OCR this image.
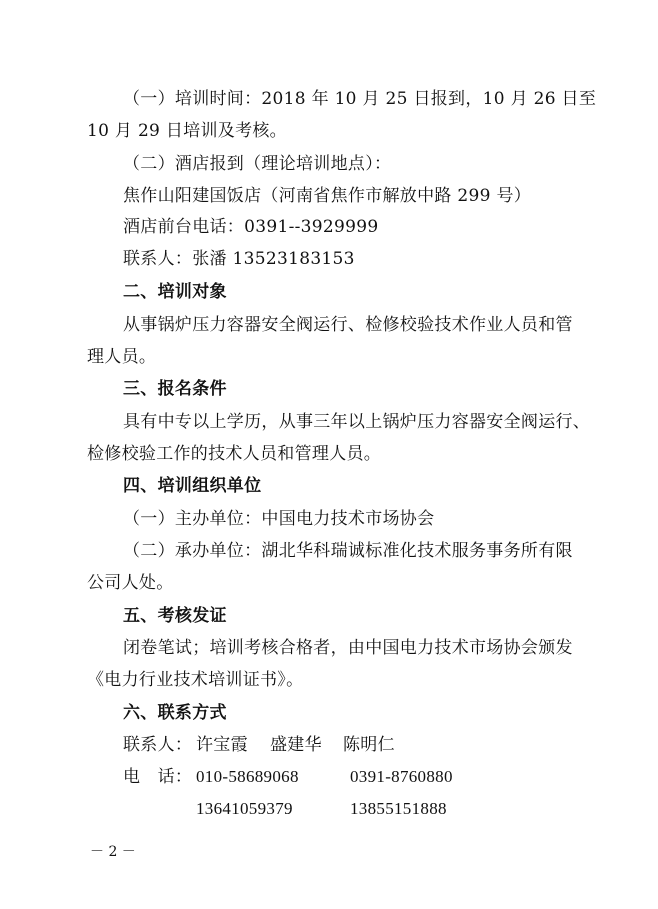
（一）培训时间：2018 年 10 月 25 日报到，10 月 26 日至
10 月 29 日培训及考核。
（二）酒店报到（理论培训地点）：
焦作山阳建国饭店（河南省焦作市解放中路 299 号）
酒店前台电话：0391--3929999
联系人：张潘 13523183153
二、培训对象
从事锅炉压力容器安全阀运行、检修校验技术作业人员和管
理人员。
三、报名条件
具有中专以上学历，从事三年以上锅炉压力容器安全阀运行、
检修校验工作的技术人员和管理人员。
四、培训组织单位
（一）主办单位：中国电力技术市场协会
（二）承办单位：湖北华科瑞诚标准化技术服务事务所有限
公司人处。
五、考核发证
闭卷笔试；培训考核合格者，由中国电力技术市场协会颁发
《电力行业技术培训证书》。
六、联系方式
联系人： 许宝霞 盛建华 陈明仁
电　话： 010-58689068	0391-8760880
13641059379	13855151888
－ 2 －
